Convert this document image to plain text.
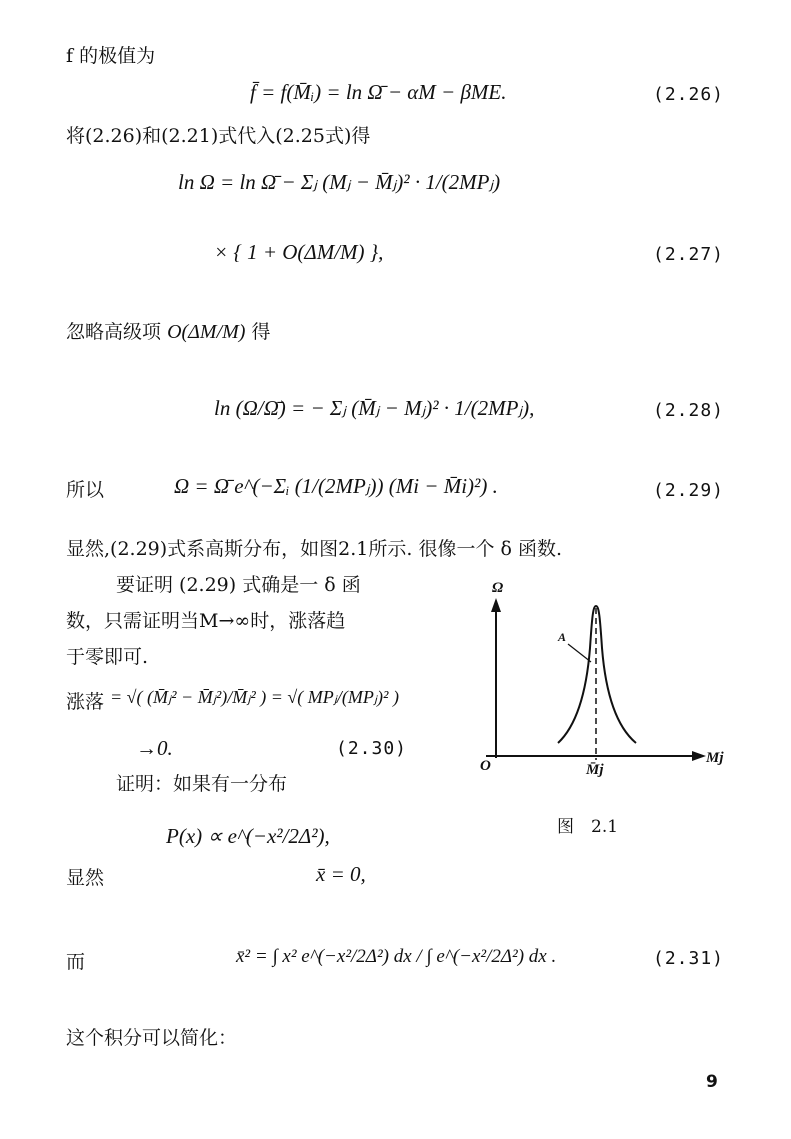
f 的极值为
f̄ = f(M̄ᵢ) = ln Ω̄ − αM − βME.	(2.26)
将(2.26)和(2.21)式代入(2.25式)得
ln Ω = ln Ω̄ − Σⱼ (Mⱼ − M̄ⱼ)² · 1/(2MPⱼ)
× { 1 + O(ΔM/M) },	(2.27)
忽略高级项 O(ΔM/M) 得
ln (Ω/Ω̄) = − Σⱼ (M̄ⱼ − Mⱼ)² · 1/(2MPⱼ),	(2.28)
所以	Ω = Ω̄ e^(−Σᵢ (1/(2MPⱼ)) (Mi − M̄i)²) .	(2.29)
显然,(2.29)式系高斯分布，如图2.1所示. 很像一个 δ 函数.
要证明 (2.29) 式确是一 δ 函
数，只需证明当M→∞时，涨落趋
于零即可.
涨落 = √( (M̄ⱼ² − M̄ⱼ²)/M̄ⱼ² ) = √( MPⱼ/(MPⱼ)² )
→0.	(2.30)
证明：如果有一分布
P(x) ∝ e^(−x²/2Δ²),
显然	x̄ = 0,
而	x̄² = ∫ x² e^(−x²/2Δ²) dx / ∫ e^(−x²/2Δ²) dx .	(2.31)
这个积分可以简化：
Ω
Mj
O	M̄j
A
图　2.1
9
